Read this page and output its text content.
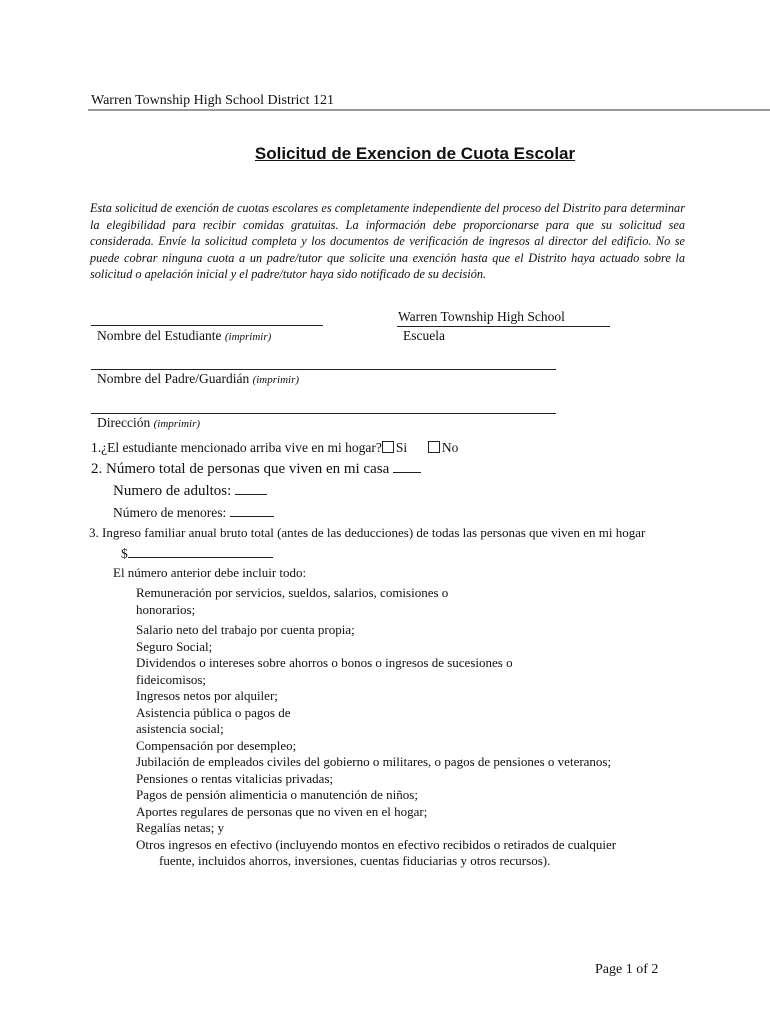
Warren Township High School District 121
Solicitud de Exencion de Cuota Escolar
Esta solicitud de exención de cuotas escolares es completamente independiente del proceso del Distrito para determinar la elegibilidad para recibir comidas gratuitas. La información debe proporcionarse para que su solicitud sea considerada. Envíe la solicitud completa y los documentos de verificación de ingresos al director del edificio. No se puede cobrar ninguna cuota a un padre/tutor que solicite una exención hasta que el Distrito haya actuado sobre la solicitud o apelación inicial y el padre/tutor haya sido notificado de su decisión.
Nombre del Estudiante (imprimir)
Warren Township High School
Escuela
Nombre del Padre/Guardián (imprimir)
Dirección (imprimir)
1.¿El estudiante mencionado arriba vive en mi hogar? Si	No
2. Número total de personas que viven en mi casa
Numero de adultos:
Número de menores:
3. Ingreso familiar anual bruto total (antes de las deducciones) de todas las personas que viven en mi hogar
$
El número anterior debe incluir todo:
Remuneración por servicios, sueldos, salarios, comisiones o honorarios;
Salario neto del trabajo por cuenta propia;
Seguro Social;
Dividendos o intereses sobre ahorros o bonos o ingresos de sucesiones o fideicomisos;
Ingresos netos por alquiler;
Asistencia pública o pagos de asistencia social;
Compensación por desempleo;
Jubilación de empleados civiles del gobierno o militares, o pagos de pensiones o veteranos;
Pensiones o rentas vitalicias privadas;
Pagos de pensión alimenticia o manutención de niños;
Aportes regulares de personas que no viven en el hogar;
Regalías netas; y
Otros ingresos en efectivo (incluyendo montos en efectivo recibidos o retirados de cualquier
fuente, incluidos ahorros, inversiones, cuentas fiduciarias y otros recursos).
Page 1 of 2
